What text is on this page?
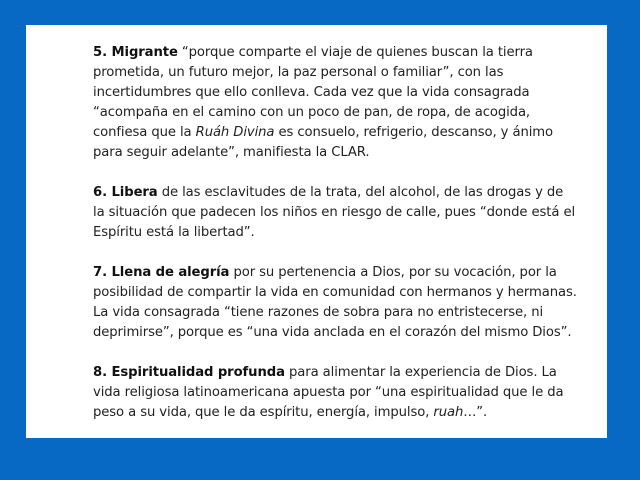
5. Migrante “porque comparte el viaje de quienes buscan la tierra prometida, un futuro mejor, la paz personal o familiar”, con las incertidumbres que ello conlleva. Cada vez que la vida consagrada “acompaña en el camino con un poco de pan, de ropa, de acogida, confiesa que la Ruáh Divina es consuelo, refrigerio, descanso, y ánimo para seguir adelante”, manifiesta la CLAR.

6. Libera de las esclavitudes de la trata, del alcohol, de las drogas y de la situación que padecen los niños en riesgo de calle, pues “donde está el Espíritu está la libertad”.

7. Llena de alegría por su pertenencia a Dios, por su vocación, por la posibilidad de compartir la vida en comunidad con hermanos y hermanas. La vida consagrada “tiene razones de sobra para no entristecerse, ni deprimirse”, porque es “una vida anclada en el corazón del mismo Dios”.

8. Espiritualidad profunda para alimentar la experiencia de Dios. La vida religiosa latinoamericana apuesta por “una espiritualidad que le da peso a su vida, que le da espíritu, energía, impulso, ruah…”.
